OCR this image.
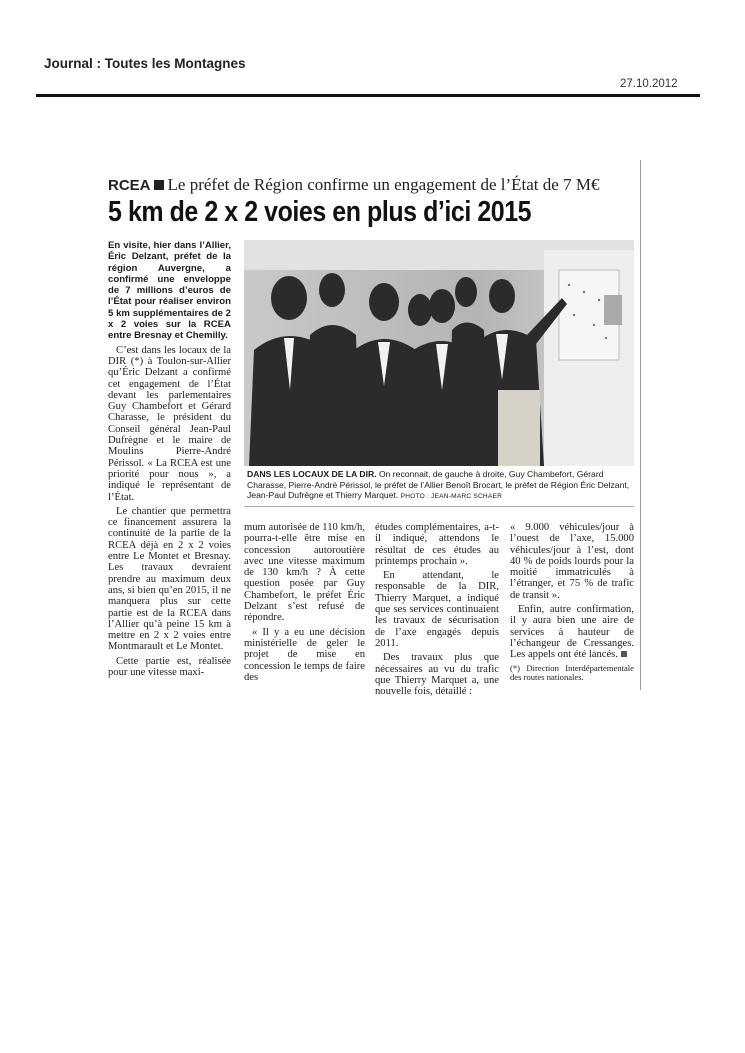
Journal : Toutes les Montagnes
27.10.2012
RCEA Le préfet de Région confirme un engagement de l’État de 7 M€
5 km de 2 x 2 voies en plus d’ici 2015

En visite, hier dans l’Allier, Éric Delzant, préfet de la région Auvergne, a confirmé une enveloppe de 7 millions d’euros de l’État pour réaliser environ 5 km supplémentaires de 2 x 2 voies sur la RCEA entre Bresnay et Chemilly.

C’est dans les locaux de la DIR (*) à Toulon-sur-Allier qu’Éric Delzant a confirmé cet engagement de l’État devant les parlementaires Guy Chambefort et Gérard Charasse, le président du Conseil général Jean-Paul Dufrègne et le maire de Moulins Pierre-André Périssol. « La RCEA est une priorité pour nous », a indiqué le représentant de l’État.

Le chantier que permettra ce financement assurera la continuité de la partie de la RCEA déjà en 2 x 2 voies entre Le Montet et Bresnay. Les travaux devraient prendre au maximum deux ans, si bien qu’en 2015, il ne manquera plus sur cette partie est de la RCEA dans l’Allier qu’à peine 15 km à mettre en 2 x 2 voies entre Montmarault et Le Montet.

Cette partie est, réalisée pour une vitesse maxi-

DANS LES LOCAUX DE LA DIR. On reconnait, de gauche à droite, Guy Chambefort, Gérard Charasse, Pierre-André Périssol, le préfet de l’Allier Benoît Brocart, le préfet de Région Éric Delzant, Jean-Paul Dufrègne et Thierry Marquet. PHOTO : JEAN-MARC SCHAER

mum autorisée de 110 km/h, pourra-t-elle être mise en concession autoroutière avec une vitesse maximum de 130 km/h ? À cette question posée par Guy Chambefort, le préfet Éric Delzant s’est refusé de répondre.

« Il y a eu une décision ministérielle de geler le projet de mise en concession le temps de faire des

études complémentaires, a-t-il indiqué, attendons le résultat de ces études au printemps prochain ».

En attendant, le responsable de la DIR, Thierry Marquet, a indiqué que ses services continuaient les travaux de sécurisation de l’axe engagés depuis 2011.

Des travaux plus que nécessaires au vu du trafic que Thierry Marquet a, une nouvelle fois, détaillé :

« 9.000 véhicules/jour à l’ouest de l’axe, 15.000 véhicules/jour à l’est, dont 40 % de poids lourds pour la moitié immatriculés à l’étranger, et 75 % de trafic de transit ».

Enfin, autre confirmation, il y aura bien une aire de services à hauteur de l’échangeur de Cressanges. Les appels ont été lancés.

(*) Direction Interdépartementale des routes nationales.
